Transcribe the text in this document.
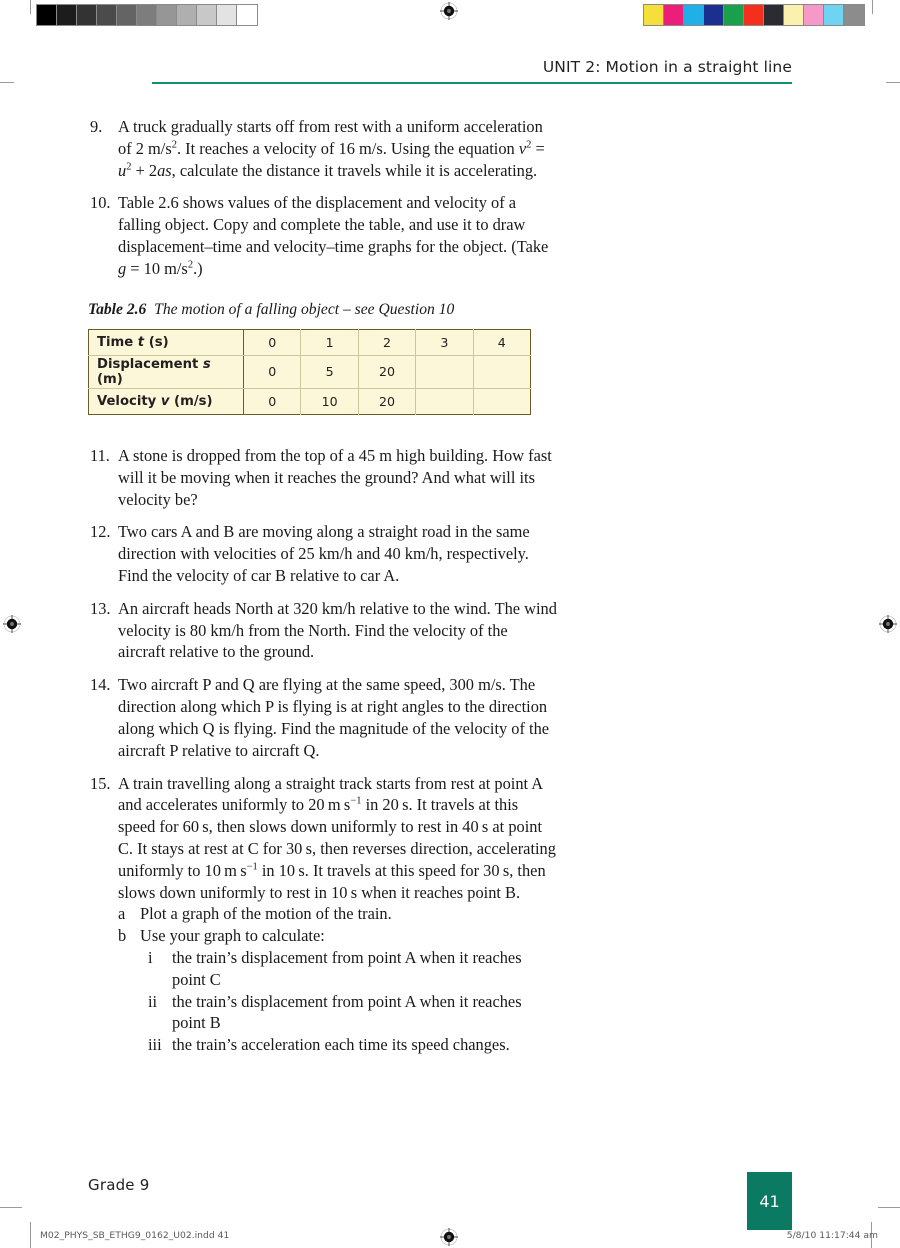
UNIT 2: Motion in a straight line
9. A truck gradually starts off from rest with a uniform acceleration of 2 $m/s^2$. It reaches a velocity of 16 m/s. Using the equation $v^2 = u^2 + 2as$, calculate the distance it travels while it is accelerating.
10. Table 2.6 shows values of the displacement and velocity of a falling object. Copy and complete the table, and use it to draw displacement–time and velocity–time graphs for the object. (Take g = 10 $m/s^2$.)
Table 2.6 The motion of a falling object – see Question 10
Time t (s)	0	1	2	3	4
Displacement s (m)	0	5	20		
Velocity v (m/s)	0	10	20		
11. A stone is dropped from the top of a 45 m high building. How fast will it be moving when it reaches the ground? And what will its velocity be?
12. Two cars A and B are moving along a straight road in the same direction with velocities of 25 km/h and 40 km/h, respectively. Find the velocity of car B relative to car A.
13. An aircraft heads North at 320 km/h relative to the wind. The wind velocity is 80 km/h from the North. Find the velocity of the aircraft relative to the ground.
14. Two aircraft P and Q are flying at the same speed, 300 m/s. The direction along which P is flying is at right angles to the direction along which Q is flying. Find the magnitude of the velocity of the aircraft P relative to aircraft Q.
15. A train travelling along a straight track starts from rest at point A and accelerates uniformly to 20 m $s^{-1}$ in 20 s. It travels at this speed for 60 s, then slows down uniformly to rest in 40 s at point C. It stays at rest at C for 30 s, then reverses direction, accelerating uniformly to 10 m $s^{-1}$ in 10 s. It travels at this speed for 30 s, then slows down uniformly to rest in 10 s when it reaches point B.
a Plot a graph of the motion of the train.
b Use your graph to calculate:
i	the train’s displacement from point A when it reaches point C
ii the train’s displacement from point A when it reaches point B
iii the train’s acceleration each time its speed changes.
Grade 9
41
M02_PHYS_SB_ETHG9_0162_U02.indd 41	5/8/10 11:17:44 am
